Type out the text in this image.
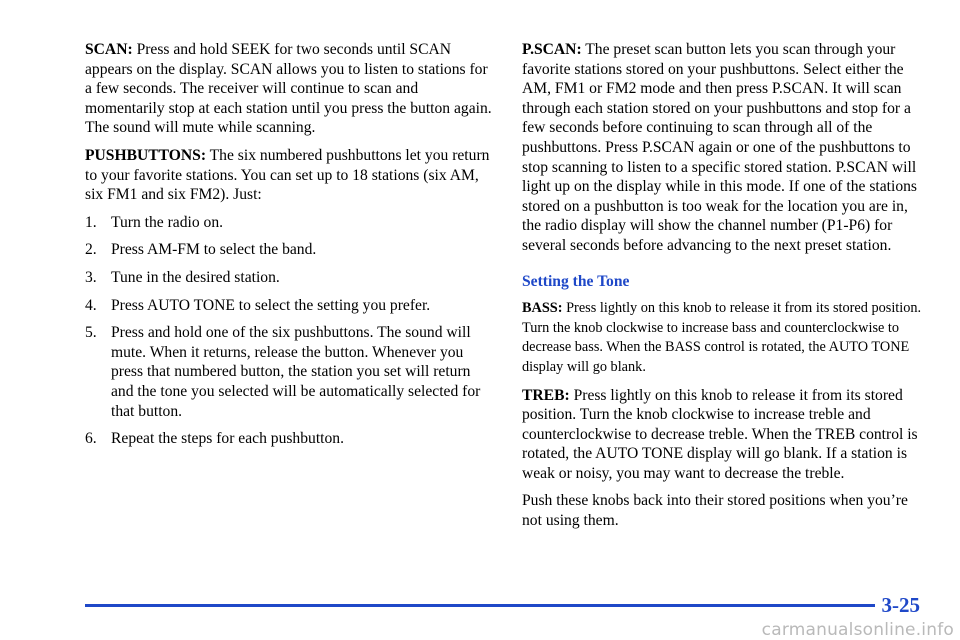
SCAN: Press and hold SEEK for two seconds until SCAN appears on the display. SCAN allows you to listen to stations for a few seconds. The receiver will continue to scan and momentarily stop at each station until you press the button again. The sound will mute while scanning.

PUSHBUTTONS: The six numbered pushbuttons let you return to your favorite stations. You can set up to 18 stations (six AM, six FM1 and six FM2). Just:

1. Turn the radio on.
2. Press AM-FM to select the band.
3. Tune in the desired station.
4. Press AUTO TONE to select the setting you prefer.
5. Press and hold one of the six pushbuttons. The sound will mute. When it returns, release the button. Whenever you press that numbered button, the station you set will return and the tone you selected will be automatically selected for that button.
6. Repeat the steps for each pushbutton.

P.SCAN: The preset scan button lets you scan through your favorite stations stored on your pushbuttons. Select either the AM, FM1 or FM2 mode and then press P.SCAN. It will scan through each station stored on your pushbuttons and stop for a few seconds before continuing to scan through all of the pushbuttons. Press P.SCAN again or one of the pushbuttons to stop scanning to listen to a specific stored station. P.SCAN will light up on the display while in this mode. If one of the stations stored on a pushbutton is too weak for the location you are in, the radio display will show the channel number (P1-P6) for several seconds before advancing to the next preset station.

Setting the Tone

BASS: Press lightly on this knob to release it from its stored position. Turn the knob clockwise to increase bass and counterclockwise to decrease bass. When the BASS control is rotated, the AUTO TONE display will go blank.

TREB: Press lightly on this knob to release it from its stored position. Turn the knob clockwise to increase treble and counterclockwise to decrease treble. When the TREB control is rotated, the AUTO TONE display will go blank. If a station is weak or noisy, you may want to decrease the treble.

Push these knobs back into their stored positions when you’re not using them.

3-25
carmanualsonline.info
